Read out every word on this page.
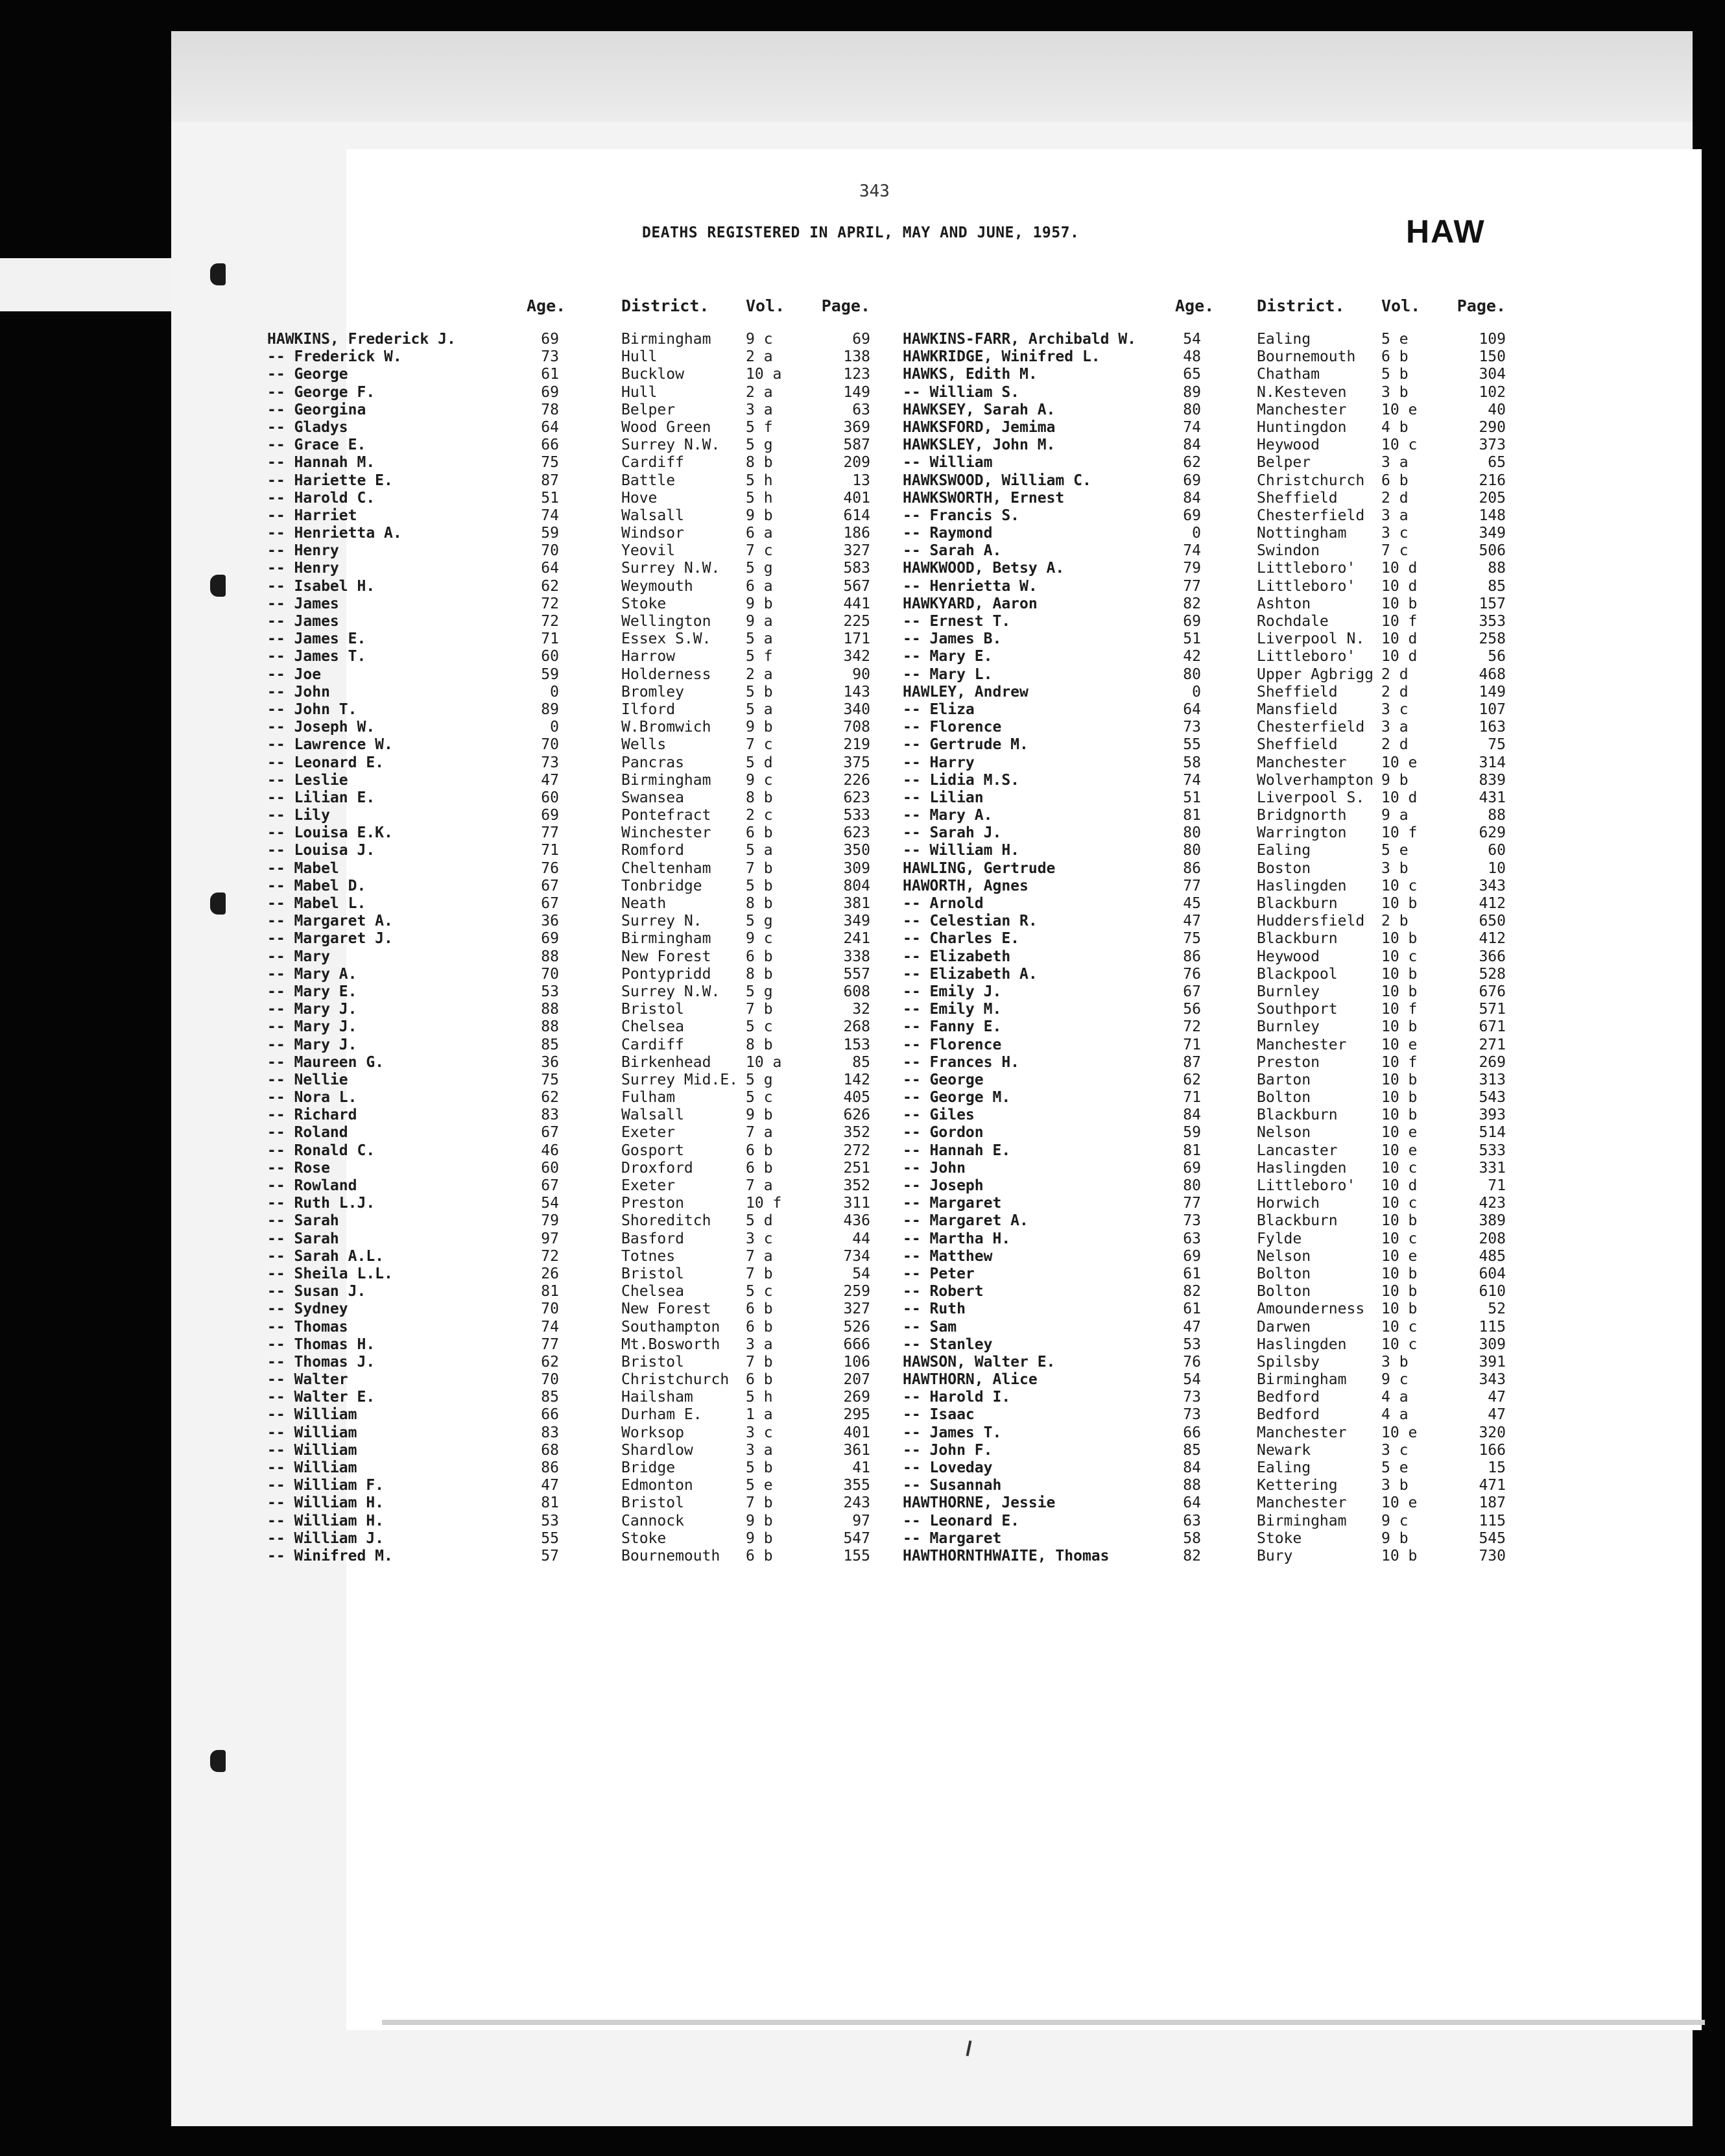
343
DEATHS REGISTERED IN APRIL, MAY AND JUNE, 1957.	HAW
Age.	District. Vol.	Page.
HAWKINS, Frederick J.	69	Birmingham 9 c	69
-- Frederick W.	73	Hull	2 a	138
-- George	61	Bucklow	10 a	123
-- George F.	69	Hull	2 a	149
-- Georgina	78	Belper	3 a	63
-- Gladys	64	Wood Green 5 f	369
-- Grace E.	66	Surrey N.W. 5 g	587
-- Hannah M.	75	Cardiff	8 b	209
-- Hariette E.	87	Battle	5 h	13
-- Harold C.	51	Hove	5 h	401
-- Harriet	74	Walsall	9 b	614
-- Henrietta A.	59	Windsor	6 a	186
-- Henry	70	Yeovil	7 c	327
-- Henry	64	Surrey N.W. 5 g	583
-- Isabel H.	62	Weymouth	6 a	567
-- James	72	Stoke	9 b	441
-- James	72	Wellington 9 a	225
-- James E.	71	Essex S.W. 5 a	171
-- James T.	60	Harrow	5 f	342
-- Joe	59	Holderness 2 a	90
-- John	0	Bromley	5 b	143
-- John T.	89	Ilford	5 a	340
-- Joseph W.	0	W.Bromwich 9 b	708
-- Lawrence W.	70	Wells	7 c	219
-- Leonard E.	73	Pancras	5 d	375
-- Leslie	47	Birmingham 9 c	226
-- Lilian E.	60	Swansea	8 b	623
-- Lily	69	Pontefract 2 c	533
-- Louisa E.K.	77	Winchester 6 b	623
-- Louisa J.	71	Romford	5 a	350
-- Mabel	76	Cheltenham 7 b	309
-- Mabel D.	67	Tonbridge	5 b	804
-- Mabel L.	67	Neath	8 b	381
-- Margaret A.	36	Surrey N.	5 g	349
-- Margaret J.	69	Birmingham 9 c	241
-- Mary	88	New Forest 6 b	338
-- Mary A.	70	Pontypridd 8 b	557
-- Mary E.	53	Surrey N.W. 5 g	608
-- Mary J.	88	Bristol	7 b	32
-- Mary J.	88	Chelsea	5 c	268
-- Mary J.	85	Cardiff	8 b	153
-- Maureen G.	36	Birkenhead 10 a	85
-- Nellie	75	Surrey Mid.E. 5 g	142
-- Nora L.	62	Fulham	5 c	405
-- Richard	83	Walsall	9 b	626
-- Roland	67	Exeter	7 a	352
-- Ronald C.	46	Gosport	6 b	272
-- Rose	60	Droxford	6 b	251
-- Rowland	67	Exeter	7 a	352
-- Ruth L.J.	54	Preston	10 f	311
-- Sarah	79	Shoreditch 5 d	436
-- Sarah	97	Basford	3 c	44
-- Sarah A.L.	72	Totnes	7 a	734
-- Sheila L.L.	26	Bristol	7 b	54
-- Susan J.	81	Chelsea	5 c	259
-- Sydney	70	New Forest 6 b	327
-- Thomas	74	Southampton 6 b	526
-- Thomas H.	77	Mt.Bosworth 3 a	666
-- Thomas J.	62	Bristol	7 b	106
-- Walter	70	Christchurch 6 b	207
-- Walter E.	85	Hailsham	5 h	269
-- William	66	Durham E.	1 a	295
-- William	83	Worksop	3 c	401
-- William	68	Shardlow	3 a	361
-- William	86	Bridge	5 b	41
-- William F.	47	Edmonton	5 e	355
-- William H.	81	Bristol	7 b	243
-- William H.	53	Cannock	9 b	97
-- William J.	55	Stoke	9 b	547
-- Winifred M.	57	Bournemouth 6 b	155
Age.	District. Vol.	Page.
HAWKINS-FARR, Archibald W.	54	Ealing	5 e	109
HAWKRIDGE, Winifred L.	48	Bournemouth 6 b	150
HAWKS, Edith M.	65	Chatham	5 b	304
-- William S.	89	N.Kesteven 3 b	102
HAWKSEY, Sarah A.	80	Manchester 10 e	40
HAWKSFORD, Jemima	74	Huntingdon 4 b	290
HAWKSLEY, John M.	84	Heywood	10 c	373
-- William	62	Belper	3 a	65
HAWKSWOOD, William C.	69	Christchurch 6 b	216
HAWKSWORTH, Ernest	84	Sheffield	2 d	205
-- Francis S.	69	Chesterfield 3 a	148
-- Raymond	0	Nottingham 3 c	349
-- Sarah A.	74	Swindon	7 c	506
HAWKWOOD, Betsy A.	79	Littleboro' 10 d	88
-- Henrietta W.	77	Littleboro' 10 d	85
HAWKYARD, Aaron	82	Ashton	10 b	157
-- Ernest T.	69	Rochdale	10 f	353
-- James B.	51	Liverpool N. 10 d	258
-- Mary E.	42	Littleboro' 10 d	56
-- Mary L.	80	Upper Agbrigg 2 d	468
HAWLEY, Andrew	0	Sheffield	2 d	149
-- Eliza	64	Mansfield	3 c	107
-- Florence	73	Chesterfield 3 a	163
-- Gertrude M.	55	Sheffield	2 d	75
-- Harry	58	Manchester 10 e	314
-- Lidia M.S.	74	Wolverhampton 9 b	839
-- Lilian	51	Liverpool S. 10 d	431
-- Mary A.	81	Bridgnorth 9 a	88
-- Sarah J.	80	Warrington 10 f	629
-- William H.	80	Ealing	5 e	60
HAWLING, Gertrude	86	Boston	3 b	10
HAWORTH, Agnes	77	Haslingden 10 c	343
-- Arnold	45	Blackburn	10 b	412
-- Celestian R.	47	Huddersfield 2 b	650
-- Charles E.	75	Blackburn	10 b	412
-- Elizabeth	86	Heywood	10 c	366
-- Elizabeth A.	76	Blackpool	10 b	528
-- Emily J.	67	Burnley	10 b	676
-- Emily M.	56	Southport	10 f	571
-- Fanny E.	72	Burnley	10 b	671
-- Florence	71	Manchester 10 e	271
-- Frances H.	87	Preston	10 f	269
-- George	62	Barton	10 b	313
-- George M.	71	Bolton	10 b	543
-- Giles	84	Blackburn	10 b	393
-- Gordon	59	Nelson	10 e	514
-- Hannah E.	81	Lancaster	10 e	533
-- John	69	Haslingden 10 c	331
-- Joseph	80	Littleboro' 10 d	71
-- Margaret	77	Horwich	10 c	423
-- Margaret A.	73	Blackburn	10 b	389
-- Martha H.	63	Fylde	10 c	208
-- Matthew	69	Nelson	10 e	485
-- Peter	61	Bolton	10 b	604
-- Robert	82	Bolton	10 b	610
-- Ruth	61	Amounderness 10 b	52
-- Sam	47	Darwen	10 c	115
-- Stanley	53	Haslingden 10 c	309
HAWSON, Walter E.	76	Spilsby	3 b	391
HAWTHORN, Alice	54	Birmingham 9 c	343
-- Harold I.	73	Bedford	4 a	47
-- Isaac	73	Bedford	4 a	47
-- James T.	66	Manchester 10 e	320
-- John F.	85	Newark	3 c	166
-- Loveday	84	Ealing	5 e	15
-- Susannah	88	Kettering	3 b	471
HAWTHORNE, Jessie	64	Manchester 10 e	187
-- Leonard E.	63	Birmingham 9 c	115
-- Margaret	58	Stoke	9 b	545
HAWTHORNTHWAITE, Thomas	82	Bury	10 b	730
